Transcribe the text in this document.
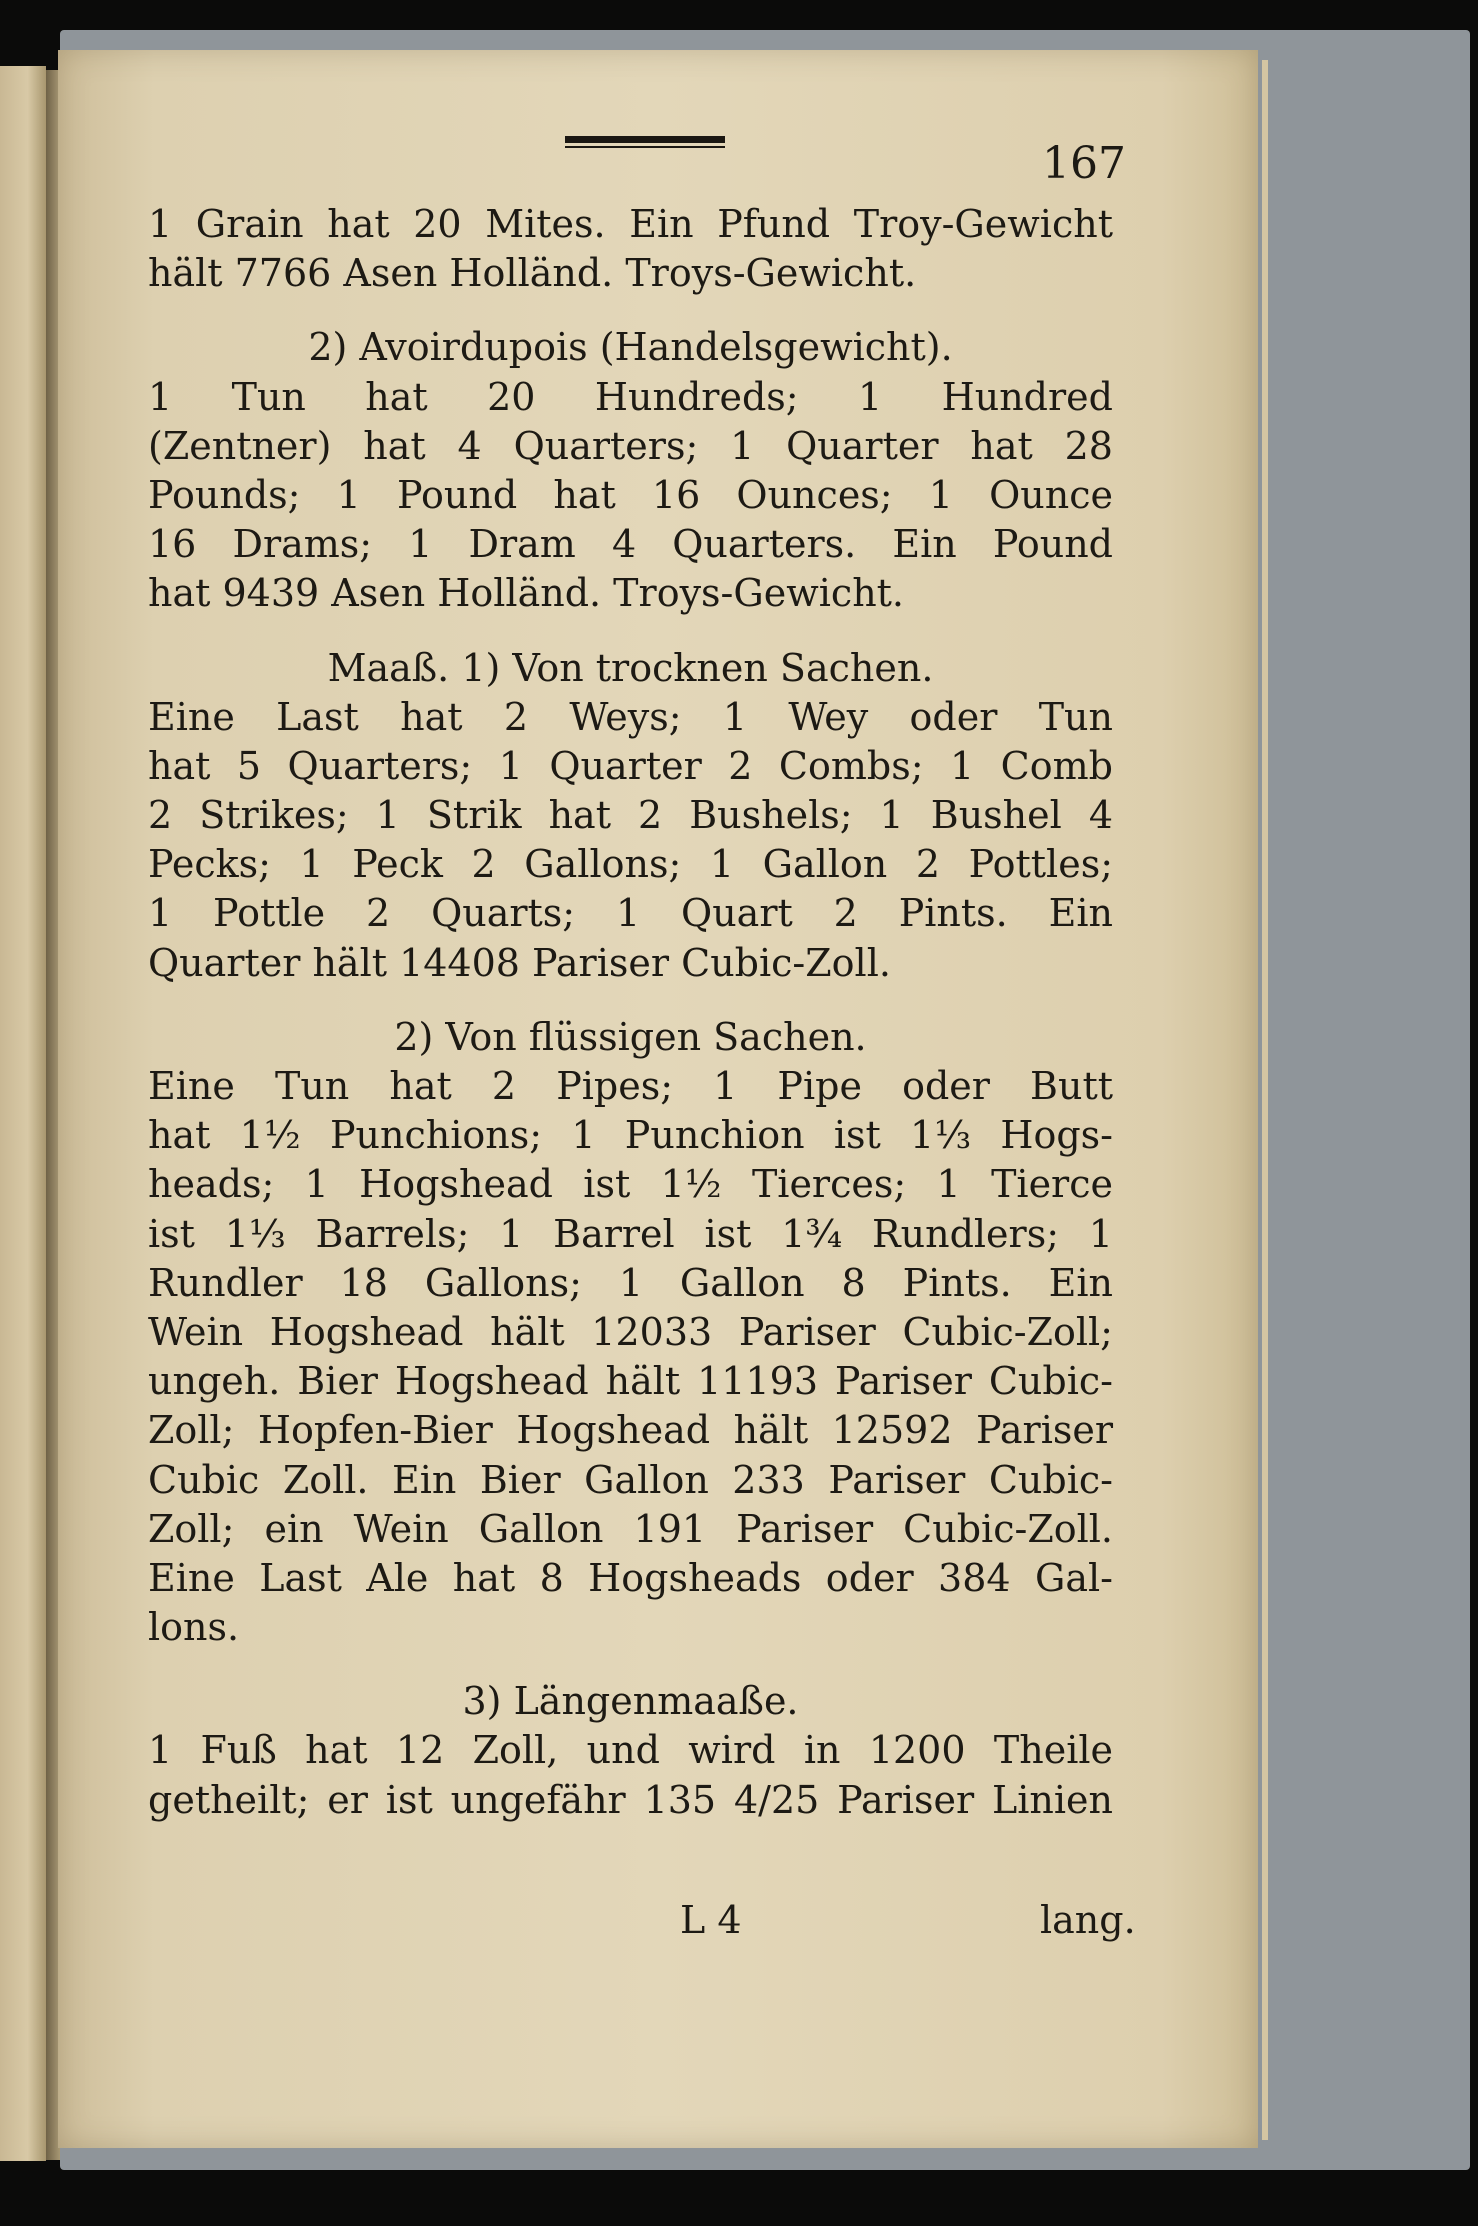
167
1 Grain hat 20 Mites. Ein Pfund Troy-Gewicht
hält 7766 Asen Holländ. Troys-Gewicht.
2) Avoirdupois (Handelsgewicht).
1 Tun hat 20 Hundreds; 1 Hundred
(Zentner) hat 4 Quarters; 1 Quarter hat 28
Pounds; 1 Pound hat 16 Ounces; 1 Ounce
16 Drams; 1 Dram 4 Quarters. Ein Pound
hat 9439 Asen Holländ. Troys-Gewicht.
Maaß. 1) Von trocknen Sachen.
Eine Last hat 2 Weys; 1 Wey oder Tun
hat 5 Quarters; 1 Quarter 2 Combs; 1 Comb
2 Strikes; 1 Strik hat 2 Bushels; 1 Bushel 4
Pecks; 1 Peck 2 Gallons; 1 Gallon 2 Pottles;
1 Pottle 2 Quarts; 1 Quart 2 Pints. Ein
Quarter hält 14408 Pariser Cubic-Zoll.
2) Von flüssigen Sachen.
Eine Tun hat 2 Pipes; 1 Pipe oder Butt
hat 1½ Punchions; 1 Punchion ist 1⅓ Hogs-
heads; 1 Hogshead ist 1½ Tierces; 1 Tierce
ist 1⅓ Barrels; 1 Barrel ist 1¾ Rundlers; 1
Rundler 18 Gallons; 1 Gallon 8 Pints. Ein
Wein Hogshead hält 12033 Pariser Cubic-Zoll;
ungeh. Bier Hogshead hält 11193 Pariser Cubic-
Zoll; Hopfen-Bier Hogshead hält 12592 Pariser
Cubic Zoll. Ein Bier Gallon 233 Pariser Cubic-
Zoll; ein Wein Gallon 191 Pariser Cubic-Zoll.
Eine Last Ale hat 8 Hogsheads oder 384 Gal-
lons.
3) Längenmaaße.
1 Fuß hat 12 Zoll, und wird in 1200 Theile
getheilt; er ist ungefähr 135 4/25 Pariser Linien
L 4	lang.
